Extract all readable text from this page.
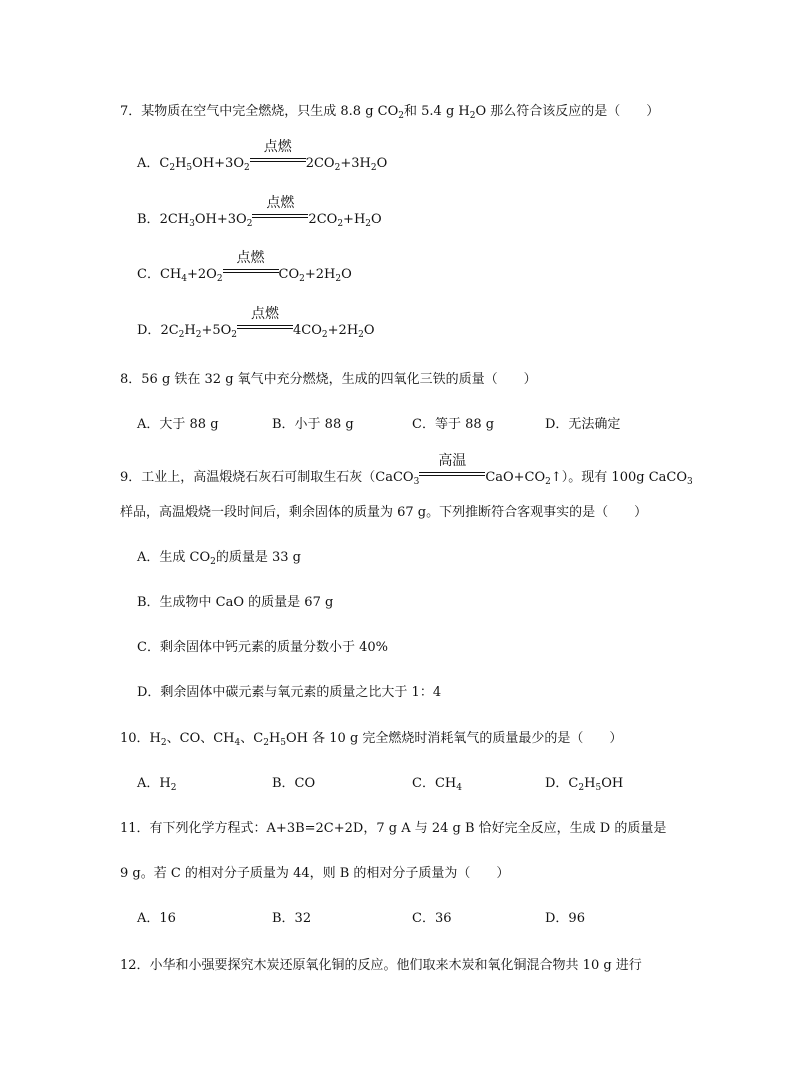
7．某物质在空气中完全燃烧，只生成 8.8 g $CO_2$和 5.4 g $H_2O$ 那么符合该反应的是（　　）
A．$C_2H_5OH+3O_2$
点燃
$2CO_2+3H_2O$
B．$2CH_3OH+3O_2$
点燃
$2CO_2+H_2O$
C．$CH_4+2O_2$
点燃
$CO_2+2H_2O$
D．$2C_2H_2+5O_2$
点燃
$4CO_2+2H_2O$
8．56 g 铁在 32 g 氧气中充分燃烧，生成的四氧化三铁的质量（　　）
A．大于 88 g	B．小于 88 g	C．等于 88 g	D．无法确定
9．工业上，高温煅烧石灰石可制取生石灰（CaCO$_3$
高温
$CaO+CO_2↑$）。现有 100g CaCO$_3$
样品，高温煅烧一段时间后，剩余固体的质量为 67 g。下列推断符合客观事实的是（　　）
A．生成 $CO_2$的质量是 33 g
B．生成物中 CaO 的质量是 67 g
C．剩余固体中钙元素的质量分数小于 40%
D．剩余固体中碳元素与氧元素的质量之比大于 1：4
10．$H_2$、CO、$CH_4$、$C_2H_5OH$ 各 10 g 完全燃烧时消耗氧气的质量最少的是（　　）
A．$H_2$	B．CO	C．$CH_4$	D．$C_2H_5OH$
11．有下列化学方程式：A+3B=2C+2D，7 g A 与 24 g B 恰好完全反应，生成 D 的质量是
9 g。若 C 的相对分子质量为 44，则 B 的相对分子质量为（　　）
A．16	B．32	C．36	D．96
12．小华和小强要探究木炭还原氧化铜的反应。他们取来木炭和氧化铜混合物共 10 g 进行
